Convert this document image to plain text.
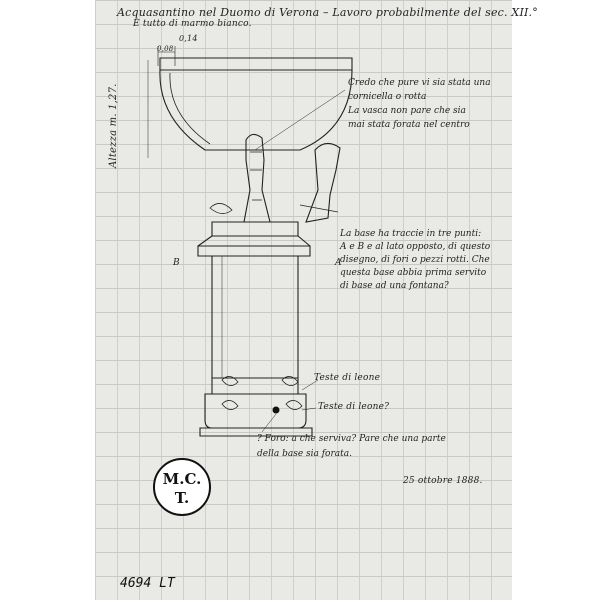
Acquasantino nel Duomo di Verona – Lavoro probabilmente del sec. XII.°
E tutto di marmo bianco.
0,14
0,08
Altezza m. 1,27.
Credo che pure vi sia stata una
cornicella o rotta
La vasca non pare che sia
mai stata forata nel centro
La base ha traccie in tre punti:
A e B e al lato opposto, di questo
disegno, di fori o pezzi rotti. Che
questa base abbia prima servito
di base ad una fontana?
B	A
Teste di leone
Teste di leone?
? Foro: a che serviva? Pare che una parte
della base sia forata.
25 ottobre 1888.
M.C.
T.
4694 LT
